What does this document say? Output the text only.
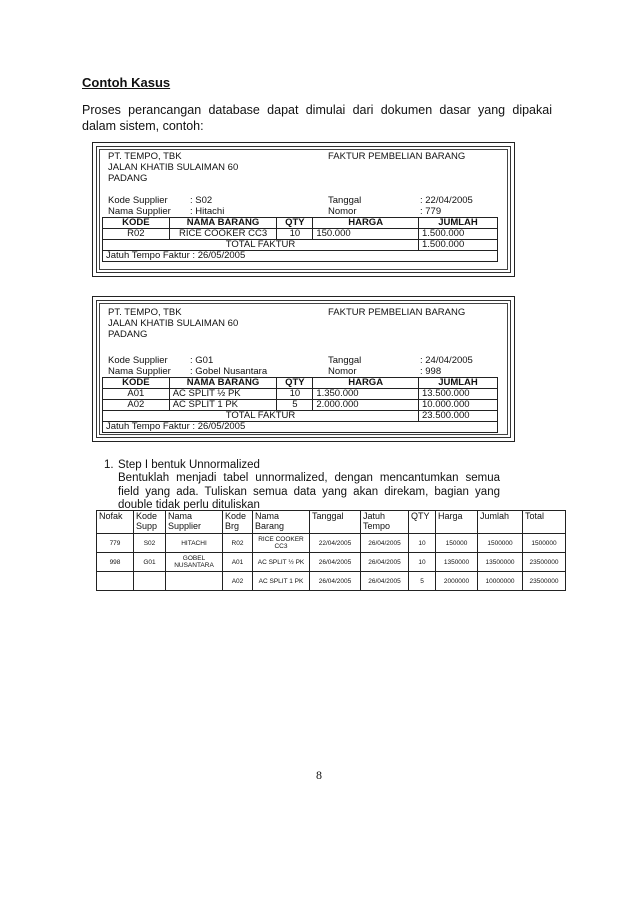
Contoh Kasus
Proses perancangan database dapat dimulai dari dokumen dasar yang dipakai dalam sistem, contoh:
PT. TEMPO, TBK
JALAN KHATIB SULAIMAN 60
PADANG
FAKTUR PEMBELIAN BARANG
Kode Supplier : S02
Nama Supplier : Hitachi
Tanggal	: 22/04/2005
Nomor	: 779
KODE	NAMA BARANG	QTY	HARGA	JUMLAH
R02	RICE COOKER CC3	10	150.000	1.500.000
TOTAL FAKTUR				1.500.000
Jatuh Tempo Faktur : 26/05/2005				
PT. TEMPO, TBK
JALAN KHATIB SULAIMAN 60
PADANG
FAKTUR PEMBELIAN BARANG
Kode Supplier : G01
Nama Supplier : Gobel Nusantara
Tanggal	: 24/04/2005
Nomor	: 998
KODE	NAMA BARANG	QTY	HARGA	JUMLAH
A01	AC SPLIT ½ PK	10	1.350.000	13.500.000
A02	AC SPLIT 1 PK	5	2.000.000	10.000.000
TOTAL FAKTUR				23.500.000
Jatuh Tempo Faktur : 26/05/2005				
1. Step I bentuk Unnormalized
Bentuklah menjadi tabel unnormalized, dengan mencantumkan semua field yang ada. Tuliskan semua data yang akan direkam, bagian yang double tidak perlu dituliskan
Nofak	Kode Supp	Nama Supplier	Kode Brg	Nama Barang	Tanggal	Jatuh Tempo	QTY	Harga	Jumlah	Total
779	S02	HITACHI	R02	RICE COOKER CC3	22/04/2005	26/04/2005	10	150000	1500000	1500000
998	G01	GOBEL NUSANTARA	A01	AC SPLIT ½ PK	26/04/2005	26/04/2005	10	1350000	13500000	23500000
			A02	AC SPLIT 1 PK	26/04/2005	26/04/2005	5	2000000	10000000	23500000
8
